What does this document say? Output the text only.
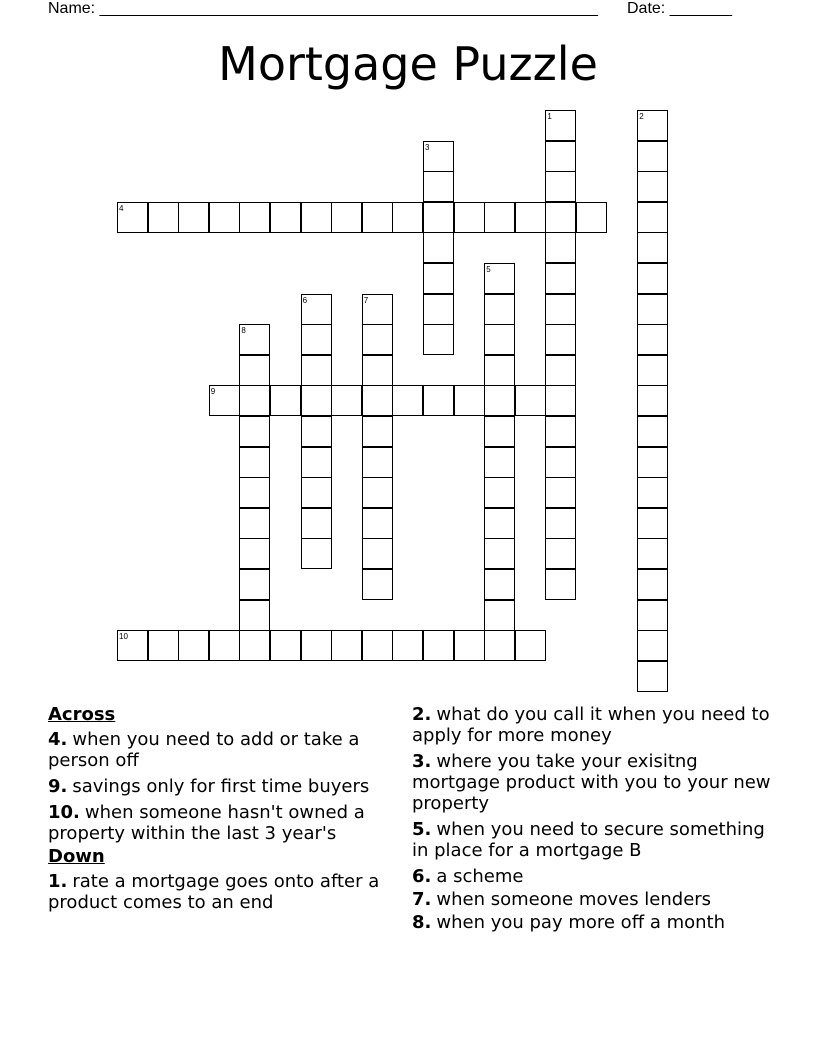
Name: ________________________________________________________ Date: _______
Mortgage Puzzle
1	2
3
4
5
6	7
8
9
10
Across
4. when you need to add or take a person off
9. savings only for first time buyers
10. when someone hasn't owned a property within the last 3 year's
Down
1. rate a mortgage goes onto after a product comes to an end
2. what do you call it when you need to apply for more money
3. where you take your exisitng mortgage product with you to your new property
5. when you need to secure something in place for a mortgage B
6. a scheme
7. when someone moves lenders
8. when you pay more off a month
